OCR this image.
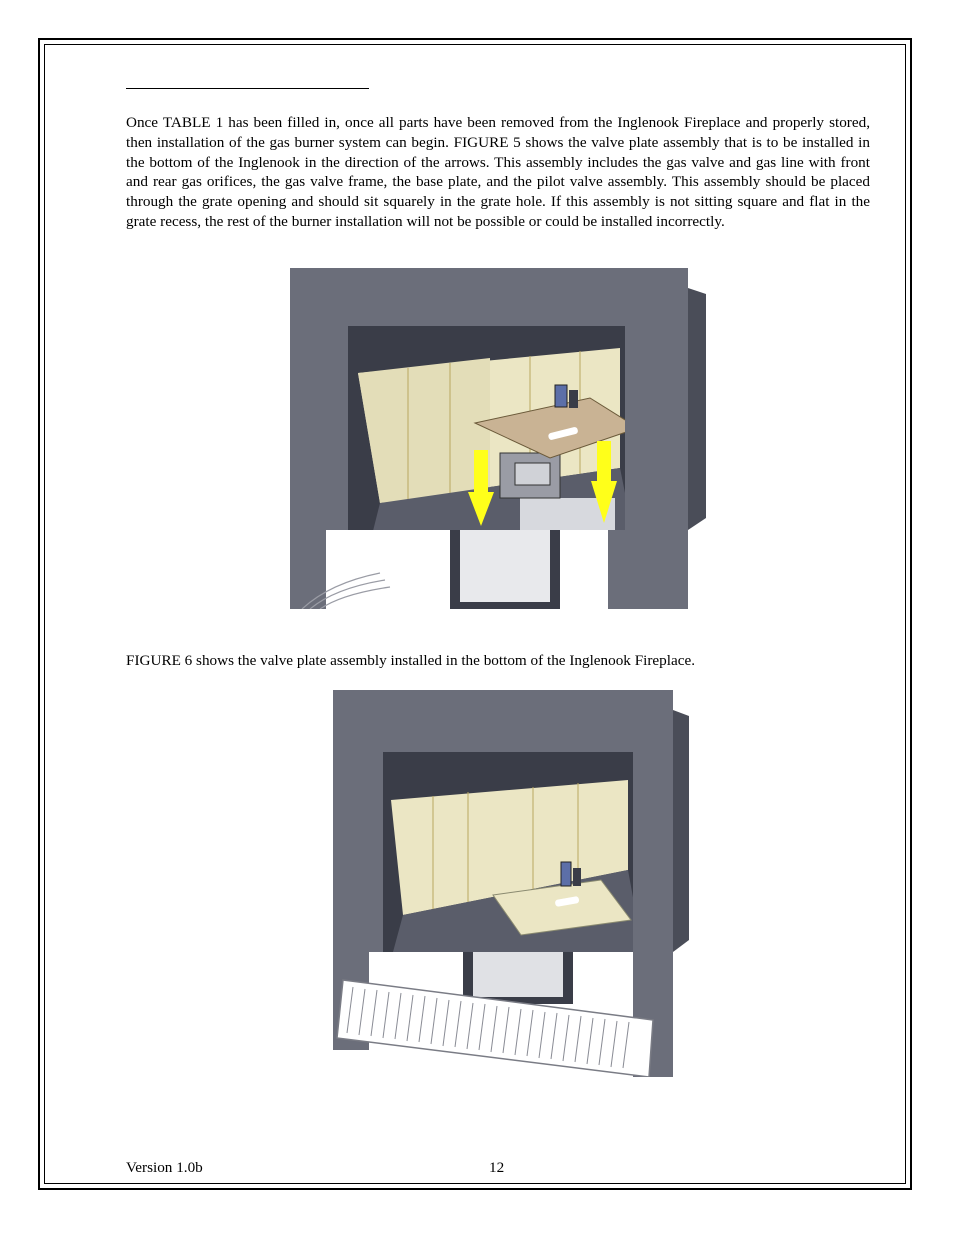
Once TABLE 1 has been filled in, once all parts have been removed from the Inglenook Fireplace and properly stored, then installation of the gas burner system can begin. FIGURE 5 shows the valve plate assembly that is to be installed in the bottom of the Inglenook in the direction of the arrows. This assembly includes the gas valve and gas line with front and rear gas orifices, the gas valve frame, the base plate, and the pilot valve assembly. This assembly should be placed through the grate opening and should sit squarely in the grate hole. If this assembly is not sitting square and flat in the grate recess, the rest of the burner installation will not be possible or could be installed incorrectly.

FIGURE 6 shows the valve plate assembly installed in the bottom of the Inglenook Fireplace.

Version 1.0b	12
